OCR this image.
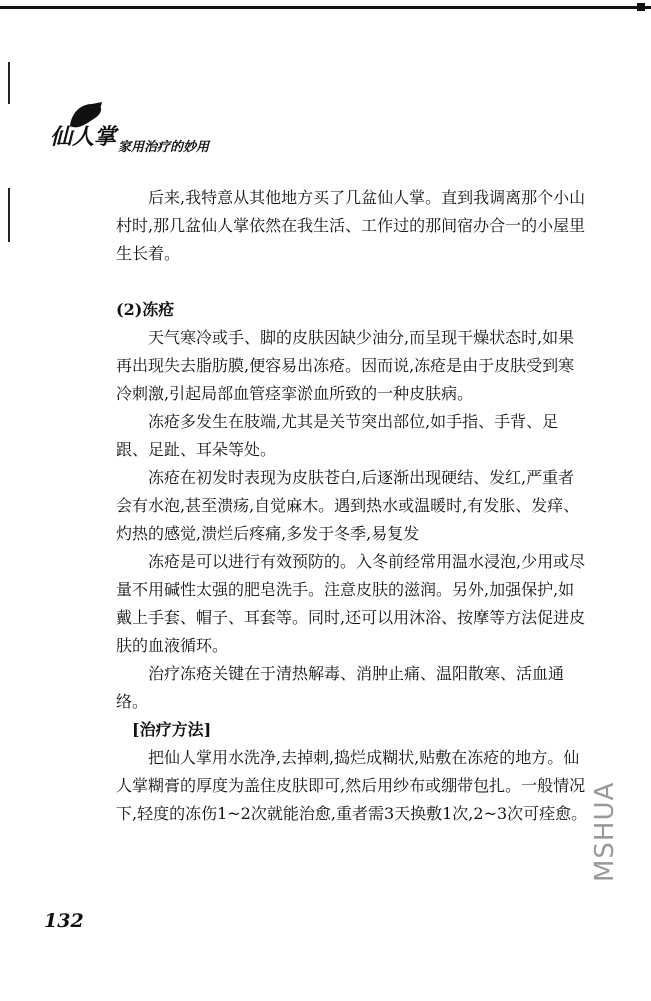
仙人掌 家用治疗的妙用

后来,我特意从其他地方买了几盆仙人掌。直到我调离那个小山村时,那几盆仙人掌依然在我生活、工作过的那间宿办合一的小屋里生长着。

(2)冻疮

天气寒冷或手、脚的皮肤因缺少油分,而呈现干燥状态时,如果再出现失去脂肪膜,便容易出冻疮。因而说,冻疮是由于皮肤受到寒冷刺激,引起局部血管痉挛淤血所致的一种皮肤病。

冻疮多发生在肢端,尤其是关节突出部位,如手指、手背、足跟、足趾、耳朵等处。

冻疮在初发时表现为皮肤苍白,后逐渐出现硬结、发红,严重者会有水泡,甚至溃疡,自觉麻木。遇到热水或温暖时,有发胀、发痒、灼热的感觉,溃烂后疼痛,多发于冬季,易复发

冻疮是可以进行有效预防的。入冬前经常用温水浸泡,少用或尽量不用碱性太强的肥皂洗手。注意皮肤的滋润。另外,加强保护,如戴上手套、帽子、耳套等。同时,还可以用沐浴、按摩等方法促进皮肤的血液循环。

治疗冻疮关键在于清热解毒、消肿止痛、温阳散寒、活血通络。

[治疗方法]

把仙人掌用水洗净,去掉刺,捣烂成糊状,贴敷在冻疮的地方。仙人掌糊膏的厚度为盖住皮肤即可,然后用纱布或绷带包扎。一般情况下,轻度的冻伤1~2次就能治愈,重者需3天换敷1次,2~3次可痊愈。

132
MSHUA
